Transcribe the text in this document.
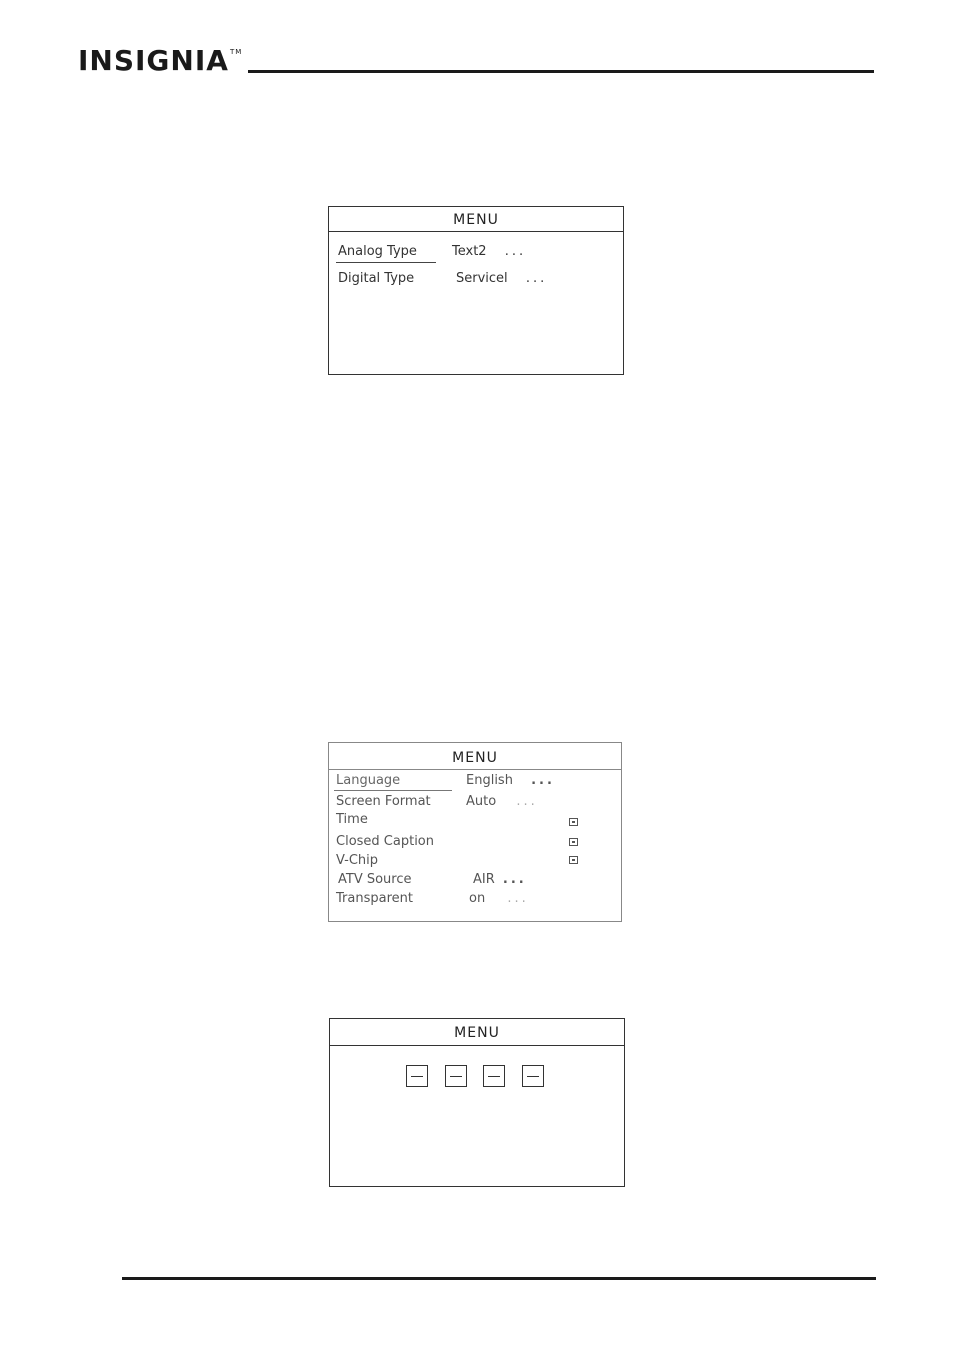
INSIGNIA TM
MENU
Analog Type	Text2 ...
Digital Type	Servicel ...
MENU
Language	English ...
Screen Format	Auto ...
Time
Closed Caption
V-Chip
ATV Source	AIR ...
Transparent	on ...
MENU
